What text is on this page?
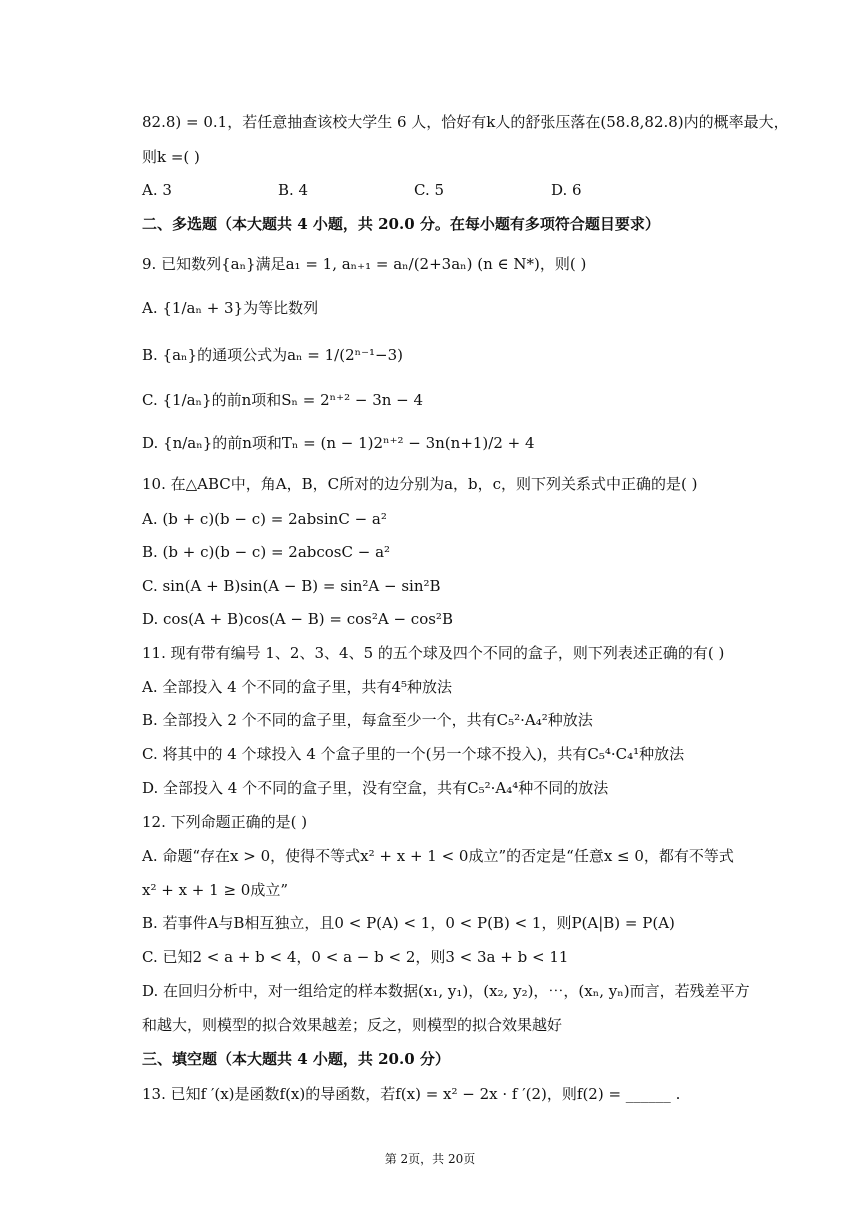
82.8) = 0.1，若任意抽查该校大学生 6 人，恰好有k人的舒张压落在(58.8,82.8)内的概率最大，
则k =( )
A. 3	B. 4	C. 5	D. 6
二、多选题（本大题共 4 小题，共 20.0 分。在每小题有多项符合题目要求）
9. 已知数列{aₙ}满足a₁ = 1, aₙ₊₁ = aₙ/(2+3aₙ) (n ∈ N*)，则( )
A. {1/aₙ + 3}为等比数列
B. {aₙ}的通项公式为aₙ = 1/(2ⁿ⁻¹−3)
C. {1/aₙ}的前n项和Sₙ = 2ⁿ⁺² − 3n − 4
D. {n/aₙ}的前n项和Tₙ = (n − 1)2ⁿ⁺² − 3n(n+1)/2 + 4
10. 在△ABC中，角A，B，C所对的边分别为a，b，c，则下列关系式中正确的是( )
A. (b + c)(b − c) = 2absinC − a²
B. (b + c)(b − c) = 2abcosC − a²
C. sin(A + B)sin(A − B) = sin²A − sin²B
D. cos(A + B)cos(A − B) = cos²A − cos²B
11. 现有带有编号 1、2、3、4、5 的五个球及四个不同的盒子，则下列表述正确的有( )
A. 全部投入 4 个不同的盒子里，共有4⁵种放法
B. 全部投入 2 个不同的盒子里，每盒至少一个，共有C₅²·A₄²种放法
C. 将其中的 4 个球投入 4 个盒子里的一个(另一个球不投入)，共有C₅⁴·C₄¹种放法
D. 全部投入 4 个不同的盒子里，没有空盒，共有C₅²·A₄⁴种不同的放法
12. 下列命题正确的是( )
A. 命题“存在x > 0，使得不等式x² + x + 1 < 0成立”的否定是“任意x ≤ 0，都有不等式
x² + x + 1 ≥ 0成立”
B. 若事件A与B相互独立，且0 < P(A) < 1，0 < P(B) < 1，则P(A|B) = P(A)
C. 已知2 < a + b < 4，0 < a − b < 2，则3 < 3a + b < 11
D. 在回归分析中，对一组给定的样本数据(x₁, y₁)，(x₂, y₂)，⋯，(xₙ, yₙ)而言，若残差平方
和越大，则模型的拟合效果越差；反之，则模型的拟合效果越好
三、填空题（本大题共 4 小题，共 20.0 分）
13. 已知f ′(x)是函数f(x)的导函数，若f(x) = x² − 2x · f ′(2)，则f(2) = ______ .
第 2页，共 20页
